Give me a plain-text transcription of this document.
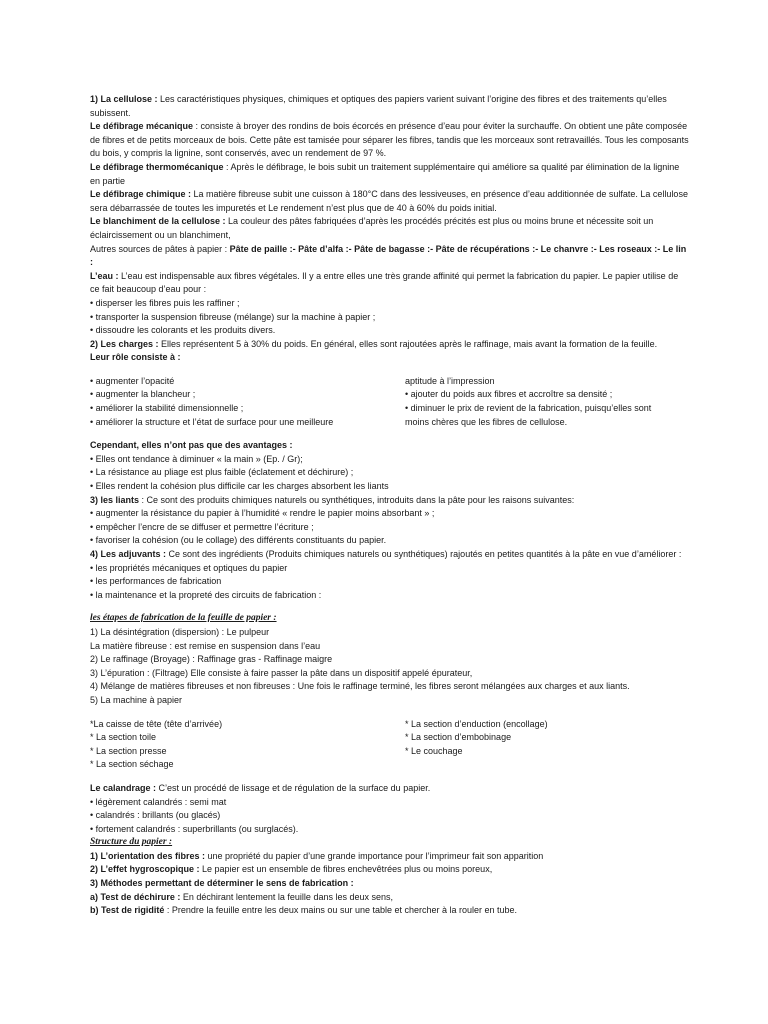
1) La cellulose : Les caractéristiques physiques, chimiques et optiques des papiers varient suivant l’origine des fibres et des traitements qu’elles subissent.

Le défibrage mécanique : consiste à broyer des rondins de bois écorcés en présence d’eau pour éviter la surchauffe. On obtient une pâte composée de fibres et de petits morceaux de bois. Cette pâte est tamisée pour séparer les fibres, tandis que les morceaux sont retravaillés. Tous les composants du bois, y compris la lignine, sont conservés, avec un rendement de 97 %.

Le défibrage thermomécanique : Après le défibrage, le bois subit un traitement supplémentaire qui améliore sa qualité par élimination de la lignine en partie

Le défibrage chimique : La matière fibreuse subit une cuisson à 180°C dans des lessiveuses, en présence d’eau additionnée de sulfate. La cellulose sera débarrassée de toutes les impuretés et Le rendement n’est plus que de 40 à 60% du poids initial.

Le blanchiment de la cellulose : La couleur des pâtes fabriquées d’après les procédés précités est plus ou moins brune et nécessite soit un éclaircissement ou un blanchiment,

Autres sources de pâtes à papier : Pâte de paille :- Pâte d’alfa :- Pâte de bagasse :- Pâte de récupérations :- Le chanvre :- Les roseaux :- Le lin :

L’eau : L’eau est indispensable aux fibres végétales. Il y a entre elles une très grande affinité qui permet la fabrication du papier. Le papier utilise de ce fait beaucoup d’eau pour :

• disperser les fibres puis les raffiner ;

• transporter la suspension fibreuse (mélange) sur la machine à papier ;

• dissoudre les colorants et les produits divers.

2) Les charges : Elles représentent 5 à 30% du poids. En général, elles sont rajoutées après le raffinage, mais avant la formation de la feuille.

Leur rôle consiste à :

• augmenter l’opacité

• augmenter la blancheur ;

• améliorer la stabilité dimensionnelle ;

• améliorer la structure et l’état de surface pour une meilleure

aptitude à l’impression

• ajouter du poids aux fibres et accroître sa densité ;

• diminuer le prix de revient de la fabrication, puisqu’elles sont

moins chères que les fibres de cellulose.

Cependant, elles n’ont pas que des avantages :

• Elles ont tendance à diminuer « la main » (Ep. / Gr);

• La résistance au pliage est plus faible (éclatement et déchirure) ;

• Elles rendent la cohésion plus difficile car les charges absorbent les liants

3) les liants : Ce sont des produits chimiques naturels ou synthétiques, introduits dans la pâte pour les raisons suivantes:

• augmenter la résistance du papier à l’humidité « rendre le papier moins absorbant » ;

• empêcher l’encre de se diffuser et permettre l’écriture ;

• favoriser la cohésion (ou le collage) des différents constituants du papier.

4) Les adjuvants : Ce sont des ingrédients (Produits chimiques naturels ou synthétiques) rajoutés en petites quantités à la pâte en vue d’améliorer :

• les propriétés mécaniques et optiques du papier

• les performances de fabrication

• la maintenance et la propreté des circuits de fabrication :

les étapes de fabrication de la feuille de papier :

1) La désintégration (dispersion) : Le pulpeur

La matière fibreuse : est remise en suspension dans l’eau

2) Le raffinage (Broyage) : Raffinage gras - Raffinage maigre

3) L’épuration : (Filtrage) Elle consiste à faire passer la pâte dans un dispositif appelé épurateur,

4) Mélange de matières fibreuses et non fibreuses : Une fois le raffinage terminé, les fibres seront mélangées aux charges et aux liants.

5) La machine à papier

*La caisse de tête (tête d’arrivée)

* La section toile

* La section presse

* La section séchage

* La section d’enduction (encollage)

* La section d’embobinage

* Le couchage

Le calandrage : C’est un procédé de lissage et de régulation de la surface du papier.

• légèrement calandrés : semi mat

• calandrés : brillants (ou glacés)

• fortement calandrés : superbrillants (ou surglacés).

Structure du papier :

1) L’orientation des fibres : une propriété du papier d’une grande importance pour l’imprimeur fait son apparition

2) L’effet hygroscopique : Le papier est un ensemble de fibres enchevêtrées plus ou moins poreux,

3) Méthodes permettant de déterminer le sens de fabrication :

a) Test de déchirure : En déchirant lentement la feuille dans les deux sens,

b) Test de rigidité : Prendre la feuille entre les deux mains ou sur une table et chercher à la rouler en tube.
